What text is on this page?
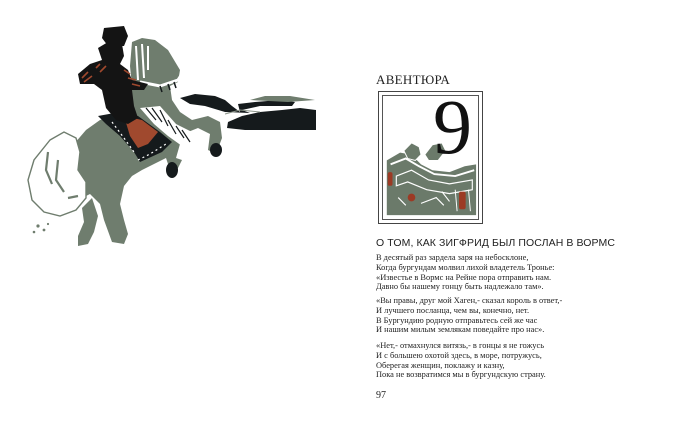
АВЕНТЮРА
9
О ТОМ, КАК ЗИГФРИД БЫЛ ПОСЛАН В ВОРМС
В десятый раз зардела заря на небосклоне,
Когда бургундам молвил лихой владетель Тронье:
«Известье в Вормс на Рейне пора отправить нам.
Давно бы нашему гонцу быть надлежало там».
«Вы правы, друг мой Хаген,- сказал король в ответ,-
И лучшего посланца, чем вы, конечно, нет.
В Бургундию родную отправьтесь сей же час
И нашим милым землякам поведайте про нас».
«Нет,- отмахнулся витязь,- в гонцы я не гожусь
И с большею охотой здесь, в море, потружусь,
Оберегая женщин, поклажу и казну,
Пока не возвратимся мы в бургундскую страну.
97
